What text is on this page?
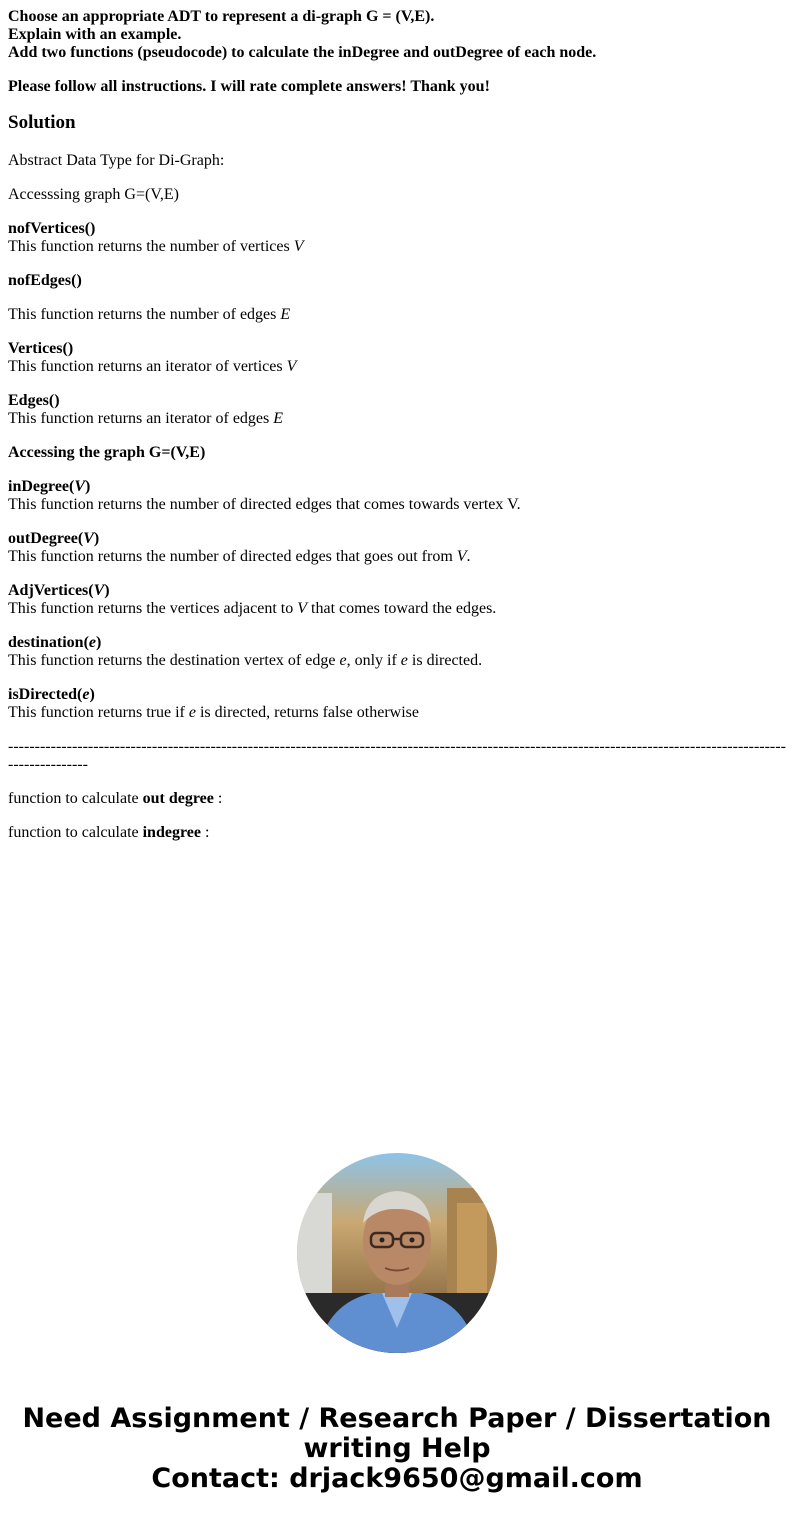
Choose an appropriate ADT to represent a di-graph G = (V,E).
Explain with an example.
Add two functions (pseudocode) to calculate the inDegree and outDegree of each node.

Please follow all instructions. I will rate complete answers! Thank you!

Solution

Abstract Data Type for Di-Graph:

Accesssing graph G=(V,E)

nofVertices()
This function returns the number of vertices V

nofEdges()

This function returns the number of edges E

Vertices()
This function returns an iterator of vertices V

Edges()
This function returns an iterator of edges E

Accessing the graph G=(V,E)

inDegree(V)
This function returns the number of directed edges that comes towards vertex V.

outDegree(V)
This function returns the number of directed edges that goes out from V.

AdjVertices(V)
This function returns the vertices adjacent to V that comes toward the edges.

destination(e)
This function returns the destination vertex of edge e, only if e is directed.

isDirected(e)
This function returns true if e is directed, returns false otherwise

-----------------------------------------------------------------------------------------------------------------------------------------------------------------

function to calculate out degree :

function to calculate indegree :

Need Assignment / Research Paper / Dissertation
writing Help
Contact: drjack9650@gmail.com
